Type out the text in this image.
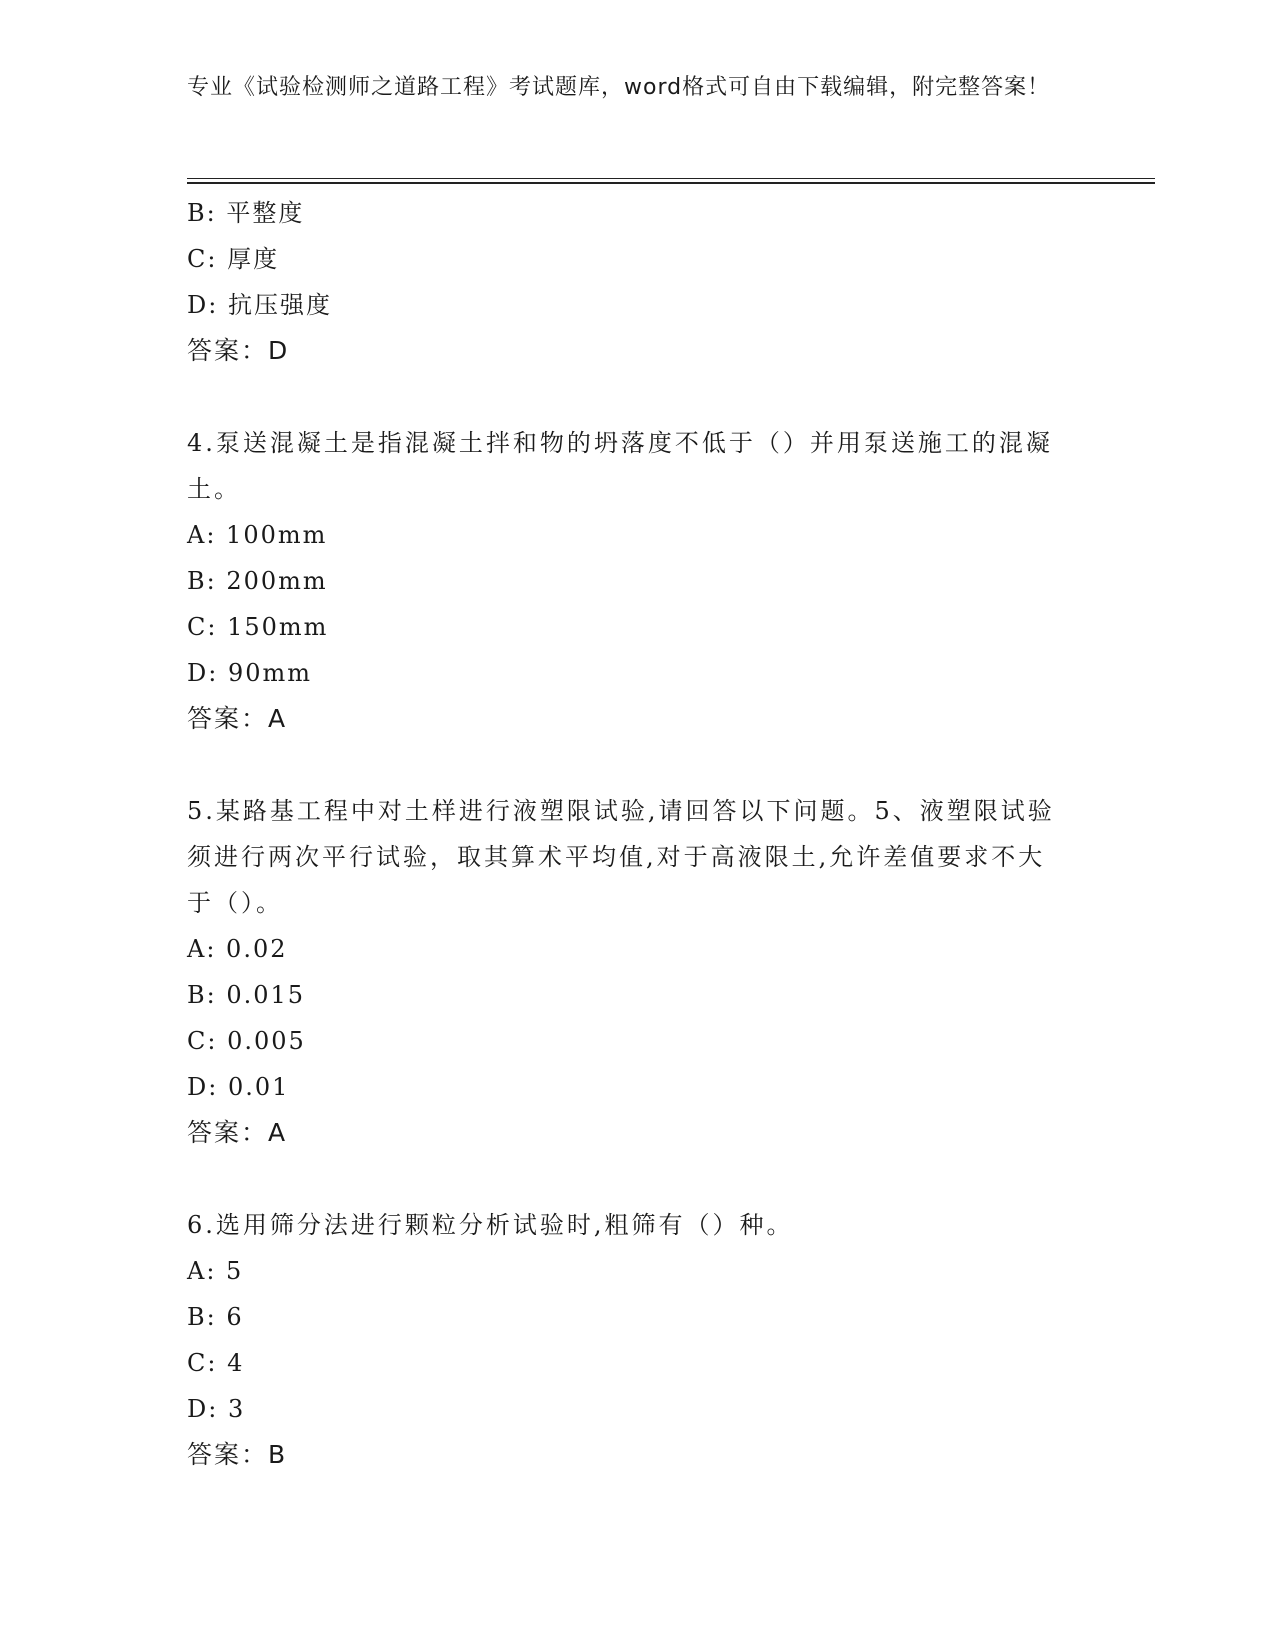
专业《试验检测师之道路工程》考试题库，word格式可自由下载编辑，附完整答案！
B: 平整度
C: 厚度
D: 抗压强度
答案：D
4.泵送混凝土是指混凝土拌和物的坍落度不低于（）并用泵送施工的混凝土。
A: 100mm
B: 200mm
C: 150mm
D: 90mm
答案：A
5.某路基工程中对土样进行液塑限试验,请回答以下问题。5、液塑限试验须进行两次平行试验，取其算术平均值,对于高液限土,允许差值要求不大于（）。
A: 0.02
B: 0.015
C: 0.005
D: 0.01
答案：A
6.选用筛分法进行颗粒分析试验时,粗筛有（）种。
A: 5
B: 6
C: 4
D: 3
答案：B
